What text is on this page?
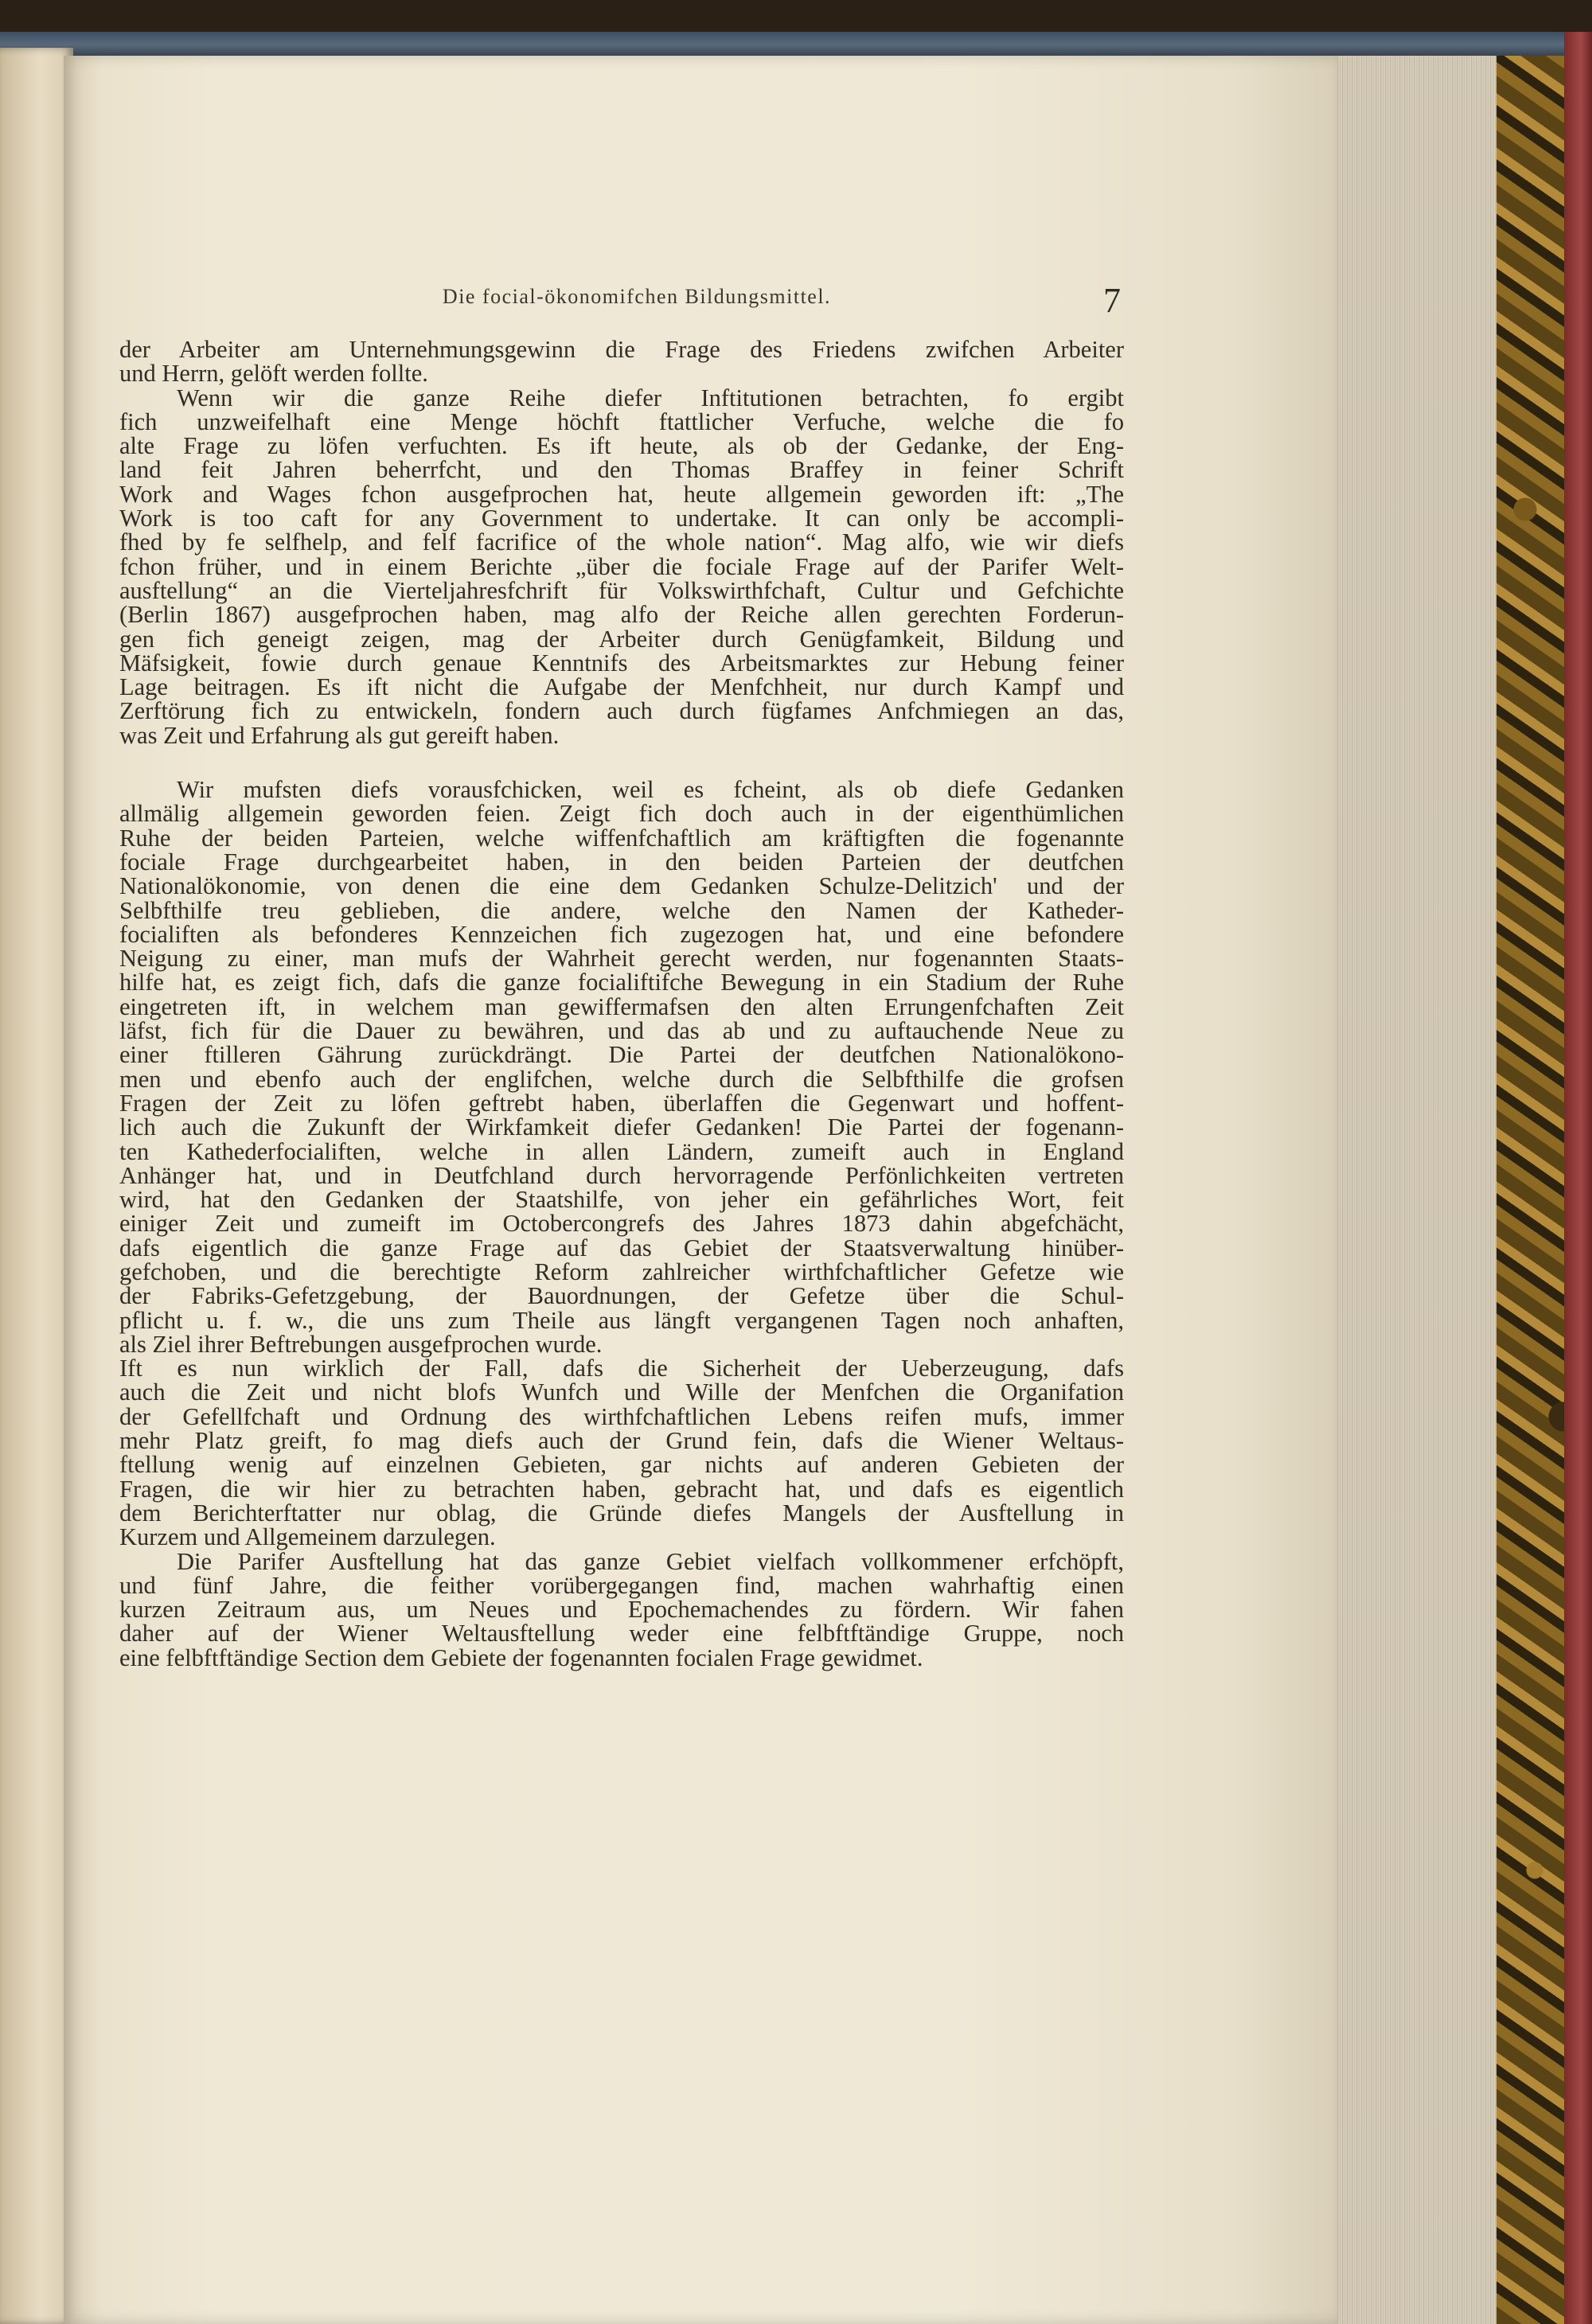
Die focial-ökonomifchen Bildungsmittel.	7
der Arbeiter am Unternehmungsgewinn die Frage des Friedens zwifchen Arbeiter
und Herrn, gelöft werden follte.
Wenn wir die ganze Reihe diefer Inftitutionen betrachten, fo ergibt
fich unzweifelhaft eine Menge höchft ftattlicher Verfuche, welche die fo
alte Frage zu löfen verfuchten. Es ift heute, als ob der Gedanke, der Eng-
land feit Jahren beherrfcht, und den Thomas Braffey in feiner Schrift
Work and Wages fchon ausgefprochen hat, heute allgemein geworden ift: „The
Work is too caft for any Government to undertake. It can only be accompli-
fhed by fe selfhelp, and felf facrifice of the whole nation“. Mag alfo, wie wir diefs
fchon früher, und in einem Berichte „über die fociale Frage auf der Parifer Welt-
ausftellung“ an die Vierteljahresfchrift für Volkswirthfchaft, Cultur und Gefchichte
(Berlin 1867) ausgefprochen haben, mag alfo der Reiche allen gerechten Forderun-
gen fich geneigt zeigen, mag der Arbeiter durch Genügfamkeit, Bildung und
Mäfsigkeit, fowie durch genaue Kenntnifs des Arbeitsmarktes zur Hebung feiner
Lage beitragen. Es ift nicht die Aufgabe der Menfchheit, nur durch Kampf und
Zerftörung fich zu entwickeln, fondern auch durch fügfames Anfchmiegen an das,
was Zeit und Erfahrung als gut gereift haben.
Wir mufsten diefs vorausfchicken, weil es fcheint, als ob diefe Gedanken
allmälig allgemein geworden feien. Zeigt fich doch auch in der eigenthümlichen
Ruhe der beiden Parteien, welche wiffenfchaftlich am kräftigften die fogenannte
fociale Frage durchgearbeitet haben, in den beiden Parteien der deutfchen
Nationalökonomie, von denen die eine dem Gedanken Schulze-Delitzich' und der
Selbfthilfe treu geblieben, die andere, welche den Namen der Katheder-
focialiften als befonderes Kennzeichen fich zugezogen hat, und eine befondere
Neigung zu einer, man mufs der Wahrheit gerecht werden, nur fogenannten Staats-
hilfe hat, es zeigt fich, dafs die ganze focialiftifche Bewegung in ein Stadium der Ruhe
eingetreten ift, in welchem man gewiffermafsen den alten Errungenfchaften Zeit
läfst, fich für die Dauer zu bewähren, und das ab und zu auftauchende Neue zu
einer ftilleren Gährung zurückdrängt. Die Partei der deutfchen Nationalökono-
men und ebenfo auch der englifchen, welche durch die Selbfthilfe die grofsen
Fragen der Zeit zu löfen geftrebt haben, überlaffen die Gegenwart und hoffent-
lich auch die Zukunft der Wirkfamkeit diefer Gedanken! Die Partei der fogenann-
ten Kathederfocialiften, welche in allen Ländern, zumeift auch in England
Anhänger hat, und in Deutfchland durch hervorragende Perfönlichkeiten vertreten
wird, hat den Gedanken der Staatshilfe, von jeher ein gefährliches Wort, feit
einiger Zeit und zumeift im Octobercongrefs des Jahres 1873 dahin abgefchächt,
dafs eigentlich die ganze Frage auf das Gebiet der Staatsverwaltung hinüber-
gefchoben, und die berechtigte Reform zahlreicher wirthfchaftlicher Gefetze wie
der Fabriks-Gefetzgebung, der Bauordnungen, der Gefetze über die Schul-
pflicht u. f. w., die uns zum Theile aus längft vergangenen Tagen noch anhaften,
als Ziel ihrer Beftrebungen ausgefprochen wurde.
Ift es nun wirklich der Fall, dafs die Sicherheit der Ueberzeugung, dafs
auch die Zeit und nicht blofs Wunfch und Wille der Menfchen die Organifation
der Gefellfchaft und Ordnung des wirthfchaftlichen Lebens reifen mufs, immer
mehr Platz greift, fo mag diefs auch der Grund fein, dafs die Wiener Weltaus-
ftellung wenig auf einzelnen Gebieten, gar nichts auf anderen Gebieten der
Fragen, die wir hier zu betrachten haben, gebracht hat, und dafs es eigentlich
dem Berichterftatter nur oblag, die Gründe diefes Mangels der Ausftellung in
Kurzem und Allgemeinem darzulegen.
Die Parifer Ausftellung hat das ganze Gebiet vielfach vollkommener erfchöpft,
und fünf Jahre, die feither vorübergegangen find, machen wahrhaftig einen
kurzen Zeitraum aus, um Neues und Epochemachendes zu fördern. Wir fahen
daher auf der Wiener Weltausftellung weder eine felbftftändige Gruppe, noch
eine felbftftändige Section dem Gebiete der fogenannten focialen Frage gewidmet.
